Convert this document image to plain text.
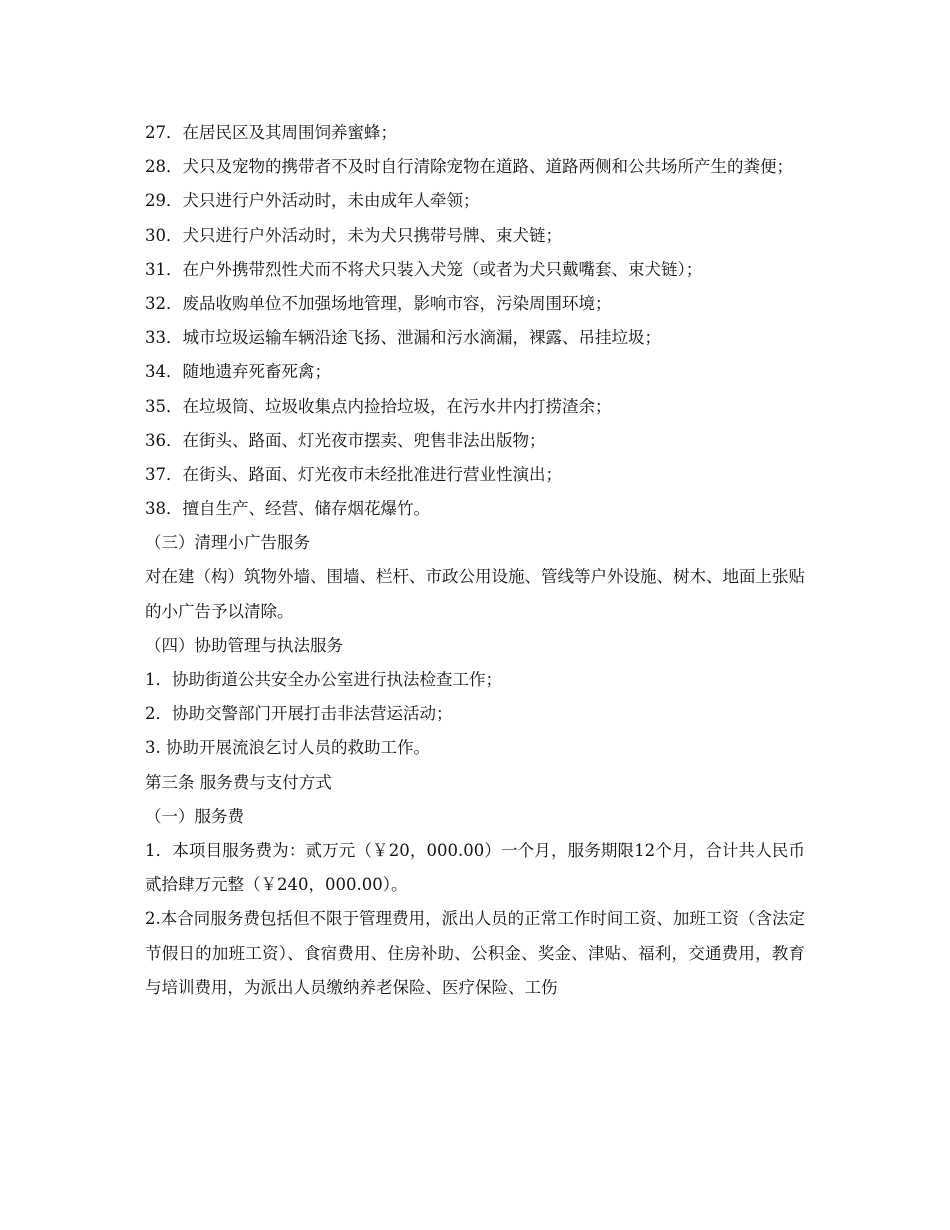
27．在居民区及其周围饲养蜜蜂；

28．犬只及宠物的携带者不及时自行清除宠物在道路、道路两侧和公共场所产生的粪便；

29．犬只进行户外活动时，未由成年人牵领；

30．犬只进行户外活动时，未为犬只携带号牌、束犬链；

31．在户外携带烈性犬而不将犬只装入犬笼（或者为犬只戴嘴套、束犬链）；

32．废品收购单位不加强场地管理，影响市容，污染周围环境；

33．城市垃圾运输车辆沿途飞扬、泄漏和污水滴漏，裸露、吊挂垃圾；

34．随地遗弃死畜死禽；

35．在垃圾筒、垃圾收集点内捡拾垃圾，在污水井内打捞渣余；

36．在街头、路面、灯光夜市摆卖、兜售非法出版物；

37．在街头、路面、灯光夜市未经批准进行营业性演出；

38．擅自生产、经营、储存烟花爆竹。

（三）清理小广告服务

对在建（构）筑物外墙、围墙、栏杆、市政公用设施、管线等户外设施、树木、地面上张贴的小广告予以清除。

（四）协助管理与执法服务

1．协助街道公共安全办公室进行执法检查工作；

2．协助交警部门开展打击非法营运活动；

3. 协助开展流浪乞讨人员的救助工作。

第三条 服务费与支付方式

（一）服务费

1．本项目服务费为：贰万元（￥20，000.00）一个月，服务期限12个月，合计共人民币贰拾肆万元整（￥240，000.00）。

2.本合同服务费包括但不限于管理费用，派出人员的正常工作时间工资、加班工资（含法定节假日的加班工资）、食宿费用、住房补助、公积金、奖金、津贴、福利，交通费用，教育与培训费用，为派出人员缴纳养老保险、医疗保险、工伤
